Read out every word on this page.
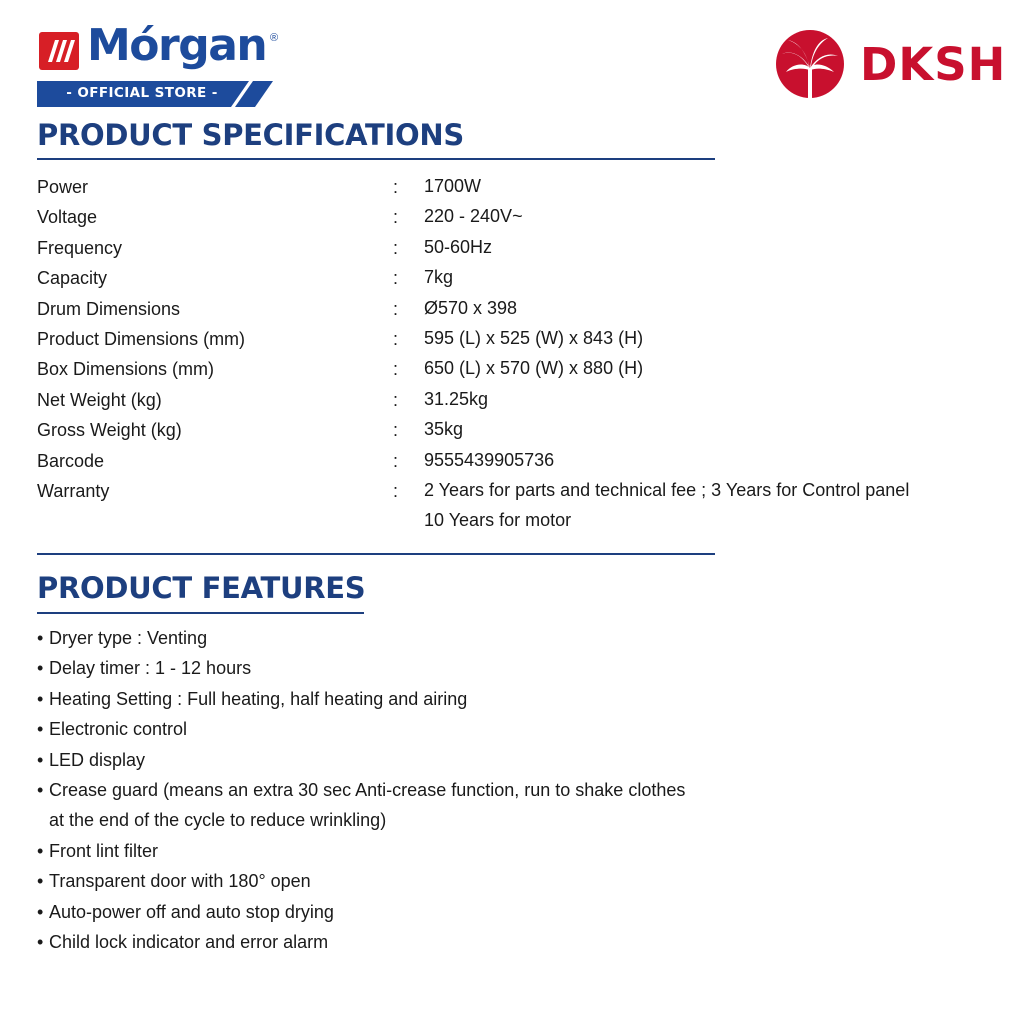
Mórgan ®
- OFFICIAL STORE -
DKSH
PRODUCT SPECIFICATIONS
Power	: 1700W
Voltage	: 220 - 240V~
Frequency	: 50-60Hz
Capacity	: 7kg
Drum Dimensions	: Ø570 x 398
Product Dimensions (mm)	: 595 (L) x 525 (W) x 843 (H)
Box Dimensions (mm)	: 650 (L) x 570 (W) x 880 (H)
Net Weight (kg)	: 31.25kg
Gross Weight (kg)	: 35kg
Barcode	: 9555439905736
Warranty	: 2 Years for parts and technical fee ; 3 Years for Control panel
10 Years for motor
PRODUCT FEATURES
• Dryer type : Venting
• Delay timer : 1 - 12 hours
• Heating Setting : Full heating, half heating and airing
• Electronic control
• LED display
• Crease guard (means an extra 30 sec Anti-crease function, run to shake clothes
at the end of the cycle to reduce wrinkling)
• Front lint filter
• Transparent door with 180° open
• Auto-power off and auto stop drying
• Child lock indicator and error alarm
